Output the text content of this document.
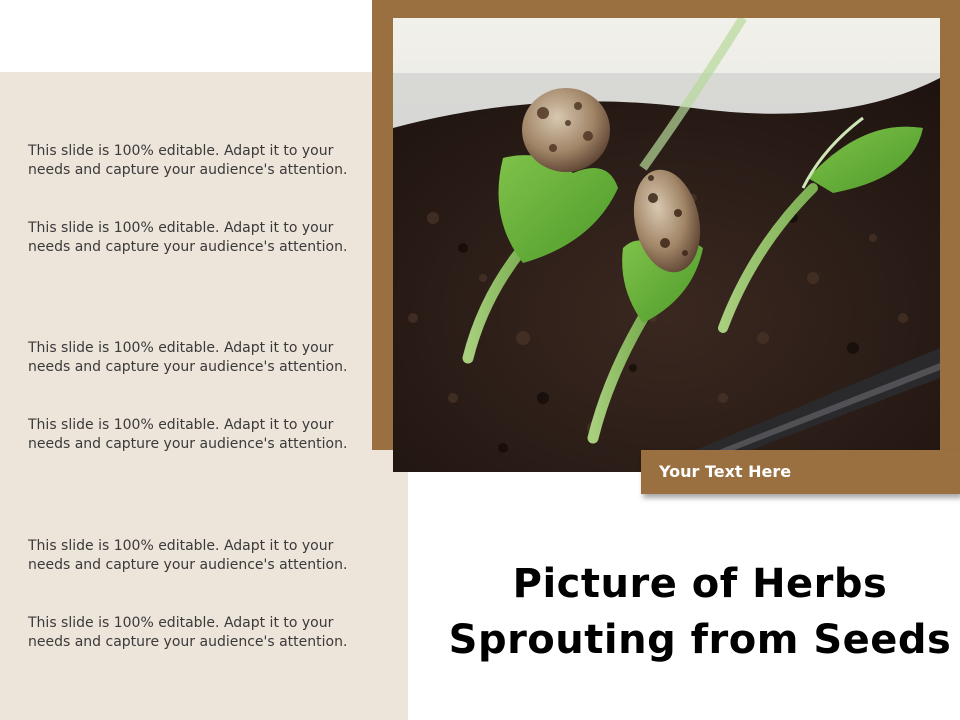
This slide is 100% editable. Adapt it to your

needs and capture your audience's attention.

This slide is 100% editable. Adapt it to your

needs and capture your audience's attention.

This slide is 100% editable. Adapt it to your

needs and capture your audience's attention.

This slide is 100% editable. Adapt it to your

needs and capture your audience's attention.

This slide is 100% editable. Adapt it to your

needs and capture your audience's attention.

This slide is 100% editable. Adapt it to your

needs and capture your audience's attention.

Your Text Here
Picture of Herbs
Sprouting from Seeds
